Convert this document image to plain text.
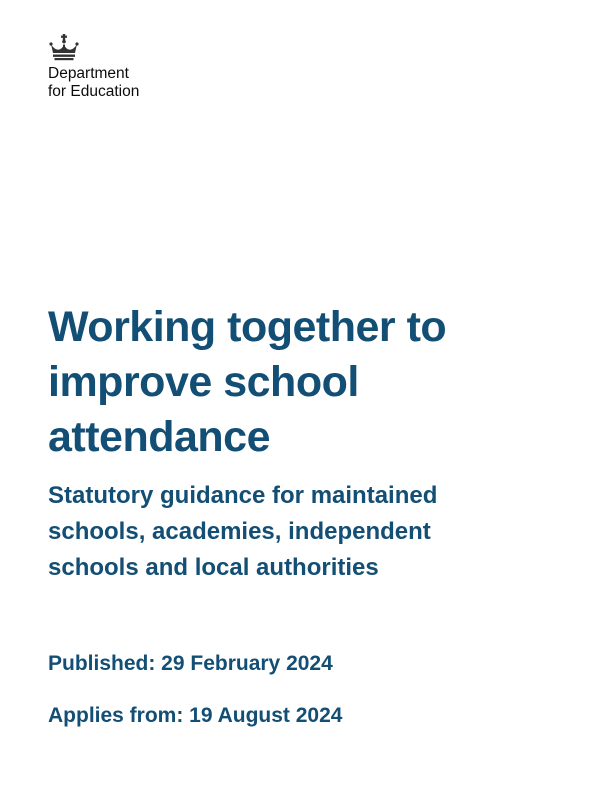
Department
for Education
Working together to improve school attendance
Statutory guidance for maintained schools, academies, independent schools and local authorities

Published: 29 February 2024

Applies from: 19 August 2024
